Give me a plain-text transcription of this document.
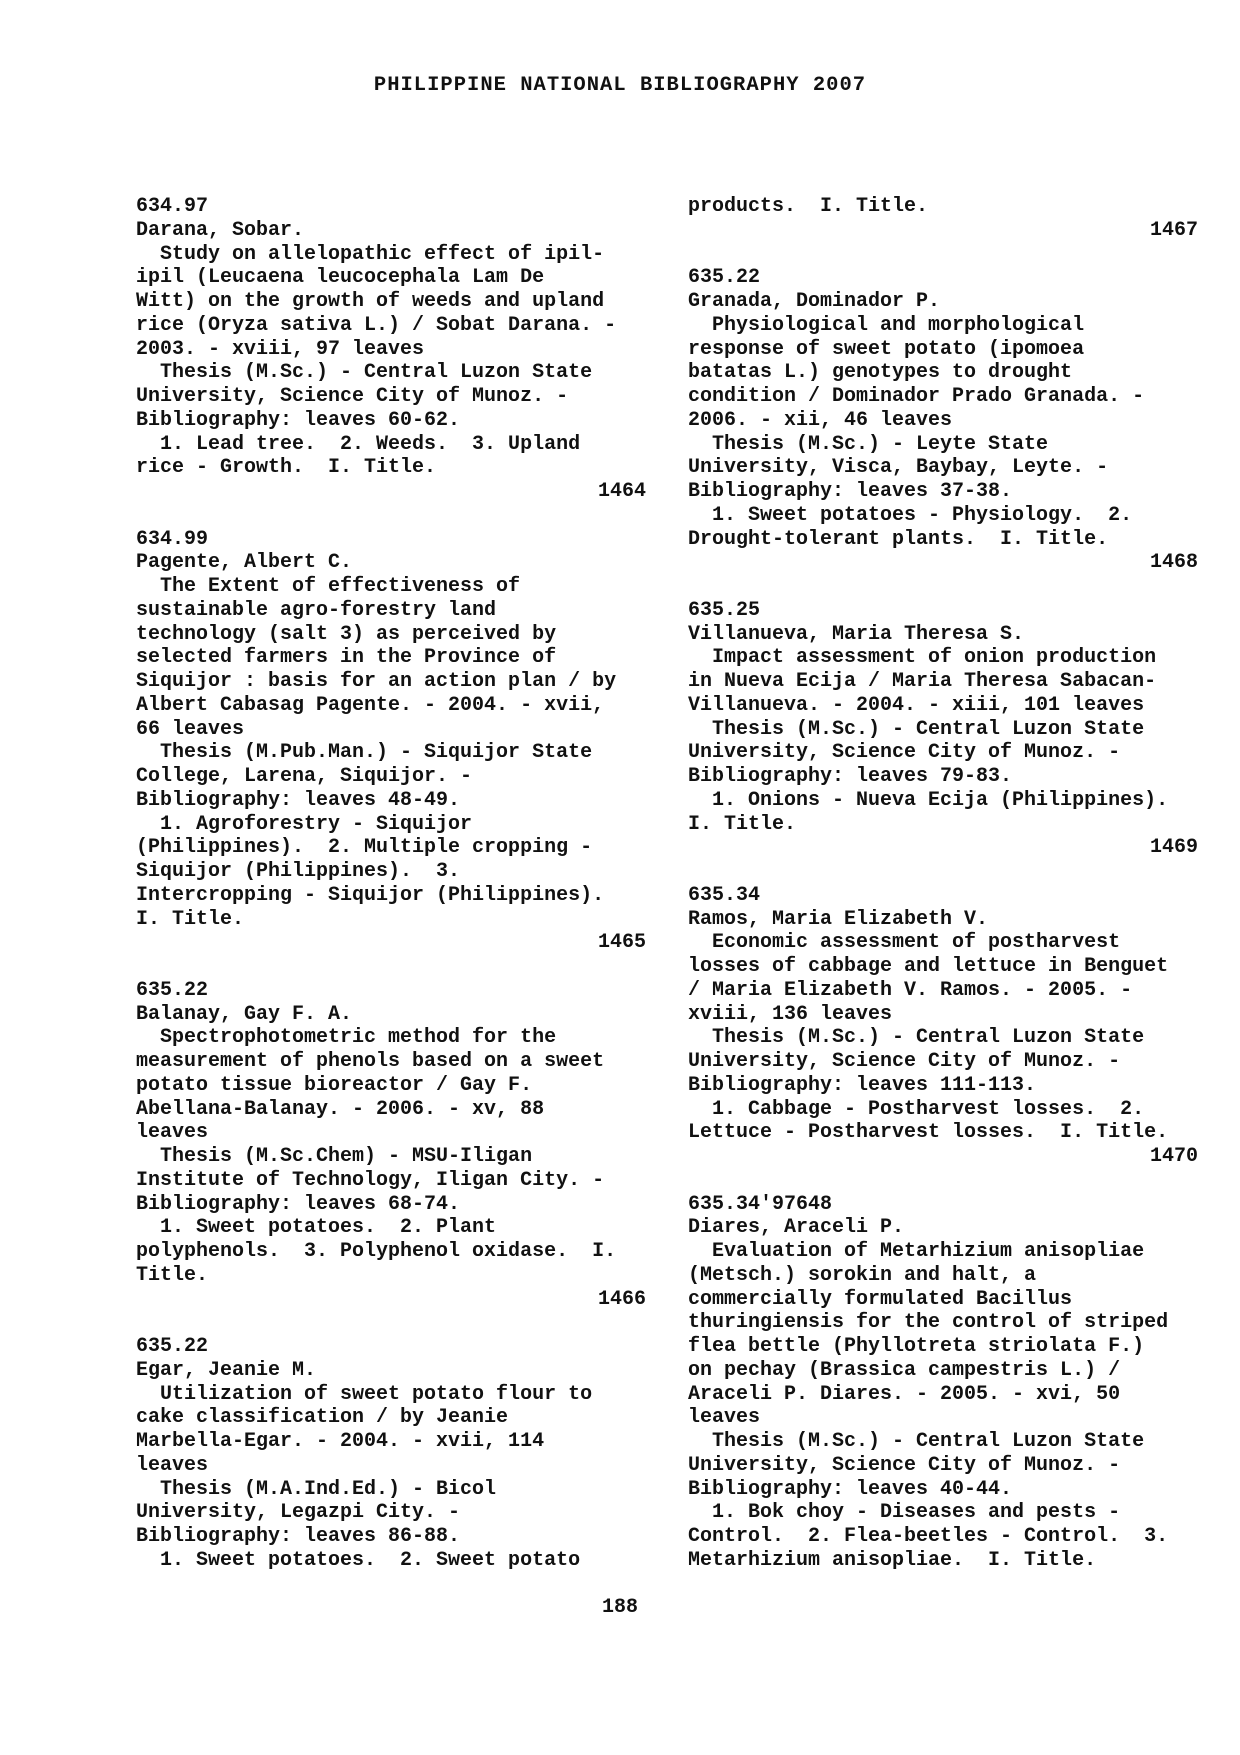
PHILIPPINE NATIONAL BIBLIOGRAPHY 2007
634.97
Darana, Sobar.
Study on allelopathic effect of ipil-
ipil (Leucaena leucocephala Lam De
Witt) on the growth of weeds and upland
rice (Oryza sativa L.) / Sobat Darana. -
2003. - xviii, 97 leaves
Thesis (M.Sc.) - Central Luzon State
University, Science City of Munoz. -
Bibliography: leaves 60-62.
1. Lead tree.  2. Weeds.  3. Upland
rice - Growth.  I. Title.
1464
634.99
Pagente, Albert C.
The Extent of effectiveness of
sustainable agro-forestry land
technology (salt 3) as perceived by
selected farmers in the Province of
Siquijor : basis for an action plan / by
Albert Cabasag Pagente. - 2004. - xvii,
66 leaves
Thesis (M.Pub.Man.) - Siquijor State
College, Larena, Siquijor. -
Bibliography: leaves 48-49.
1. Agroforestry - Siquijor
(Philippines).  2. Multiple cropping -
Siquijor (Philippines).  3.
Intercropping - Siquijor (Philippines).
I. Title.
1465
635.22
Balanay, Gay F. A.
Spectrophotometric method for the
measurement of phenols based on a sweet
potato tissue bioreactor / Gay F.
Abellana-Balanay. - 2006. - xv, 88
leaves
Thesis (M.Sc.Chem) - MSU-Iligan
Institute of Technology, Iligan City. -
Bibliography: leaves 68-74.
1. Sweet potatoes.  2. Plant
polyphenols.  3. Polyphenol oxidase.  I.
Title.
1466
635.22
Egar, Jeanie M.
Utilization of sweet potato flour to
cake classification / by Jeanie
Marbella-Egar. - 2004. - xvii, 114
leaves
Thesis (M.A.Ind.Ed.) - Bicol
University, Legazpi City. -
Bibliography: leaves 86-88.
1. Sweet potatoes.  2. Sweet potato
products.  I. Title.
1467
635.22
Granada, Dominador P.
Physiological and morphological
response of sweet potato (ipomoea
batatas L.) genotypes to drought
condition / Dominador Prado Granada. -
2006. - xii, 46 leaves
Thesis (M.Sc.) - Leyte State
University, Visca, Baybay, Leyte. -
Bibliography: leaves 37-38.
1. Sweet potatoes - Physiology.  2.
Drought-tolerant plants.  I. Title.
1468
635.25
Villanueva, Maria Theresa S.
Impact assessment of onion production
in Nueva Ecija / Maria Theresa Sabacan-
Villanueva. - 2004. - xiii, 101 leaves
Thesis (M.Sc.) - Central Luzon State
University, Science City of Munoz. -
Bibliography: leaves 79-83.
1. Onions - Nueva Ecija (Philippines).
I. Title.
1469
635.34
Ramos, Maria Elizabeth V.
Economic assessment of postharvest
losses of cabbage and lettuce in Benguet
/ Maria Elizabeth V. Ramos. - 2005. -
xviii, 136 leaves
Thesis (M.Sc.) - Central Luzon State
University, Science City of Munoz. -
Bibliography: leaves 111-113.
1. Cabbage - Postharvest losses.  2.
Lettuce - Postharvest losses.  I. Title.
1470
635.34'97648
Diares, Araceli P.
Evaluation of Metarhizium anisopliae
(Metsch.) sorokin and halt, a
commercially formulated Bacillus
thuringiensis for the control of striped
flea bettle (Phyllotreta striolata F.)
on pechay (Brassica campestris L.) /
Araceli P. Diares. - 2005. - xvi, 50
leaves
Thesis (M.Sc.) - Central Luzon State
University, Science City of Munoz. -
Bibliography: leaves 40-44.
1. Bok choy - Diseases and pests -
Control.  2. Flea-beetles - Control.  3.
Metarhizium anisopliae.  I. Title.
188
